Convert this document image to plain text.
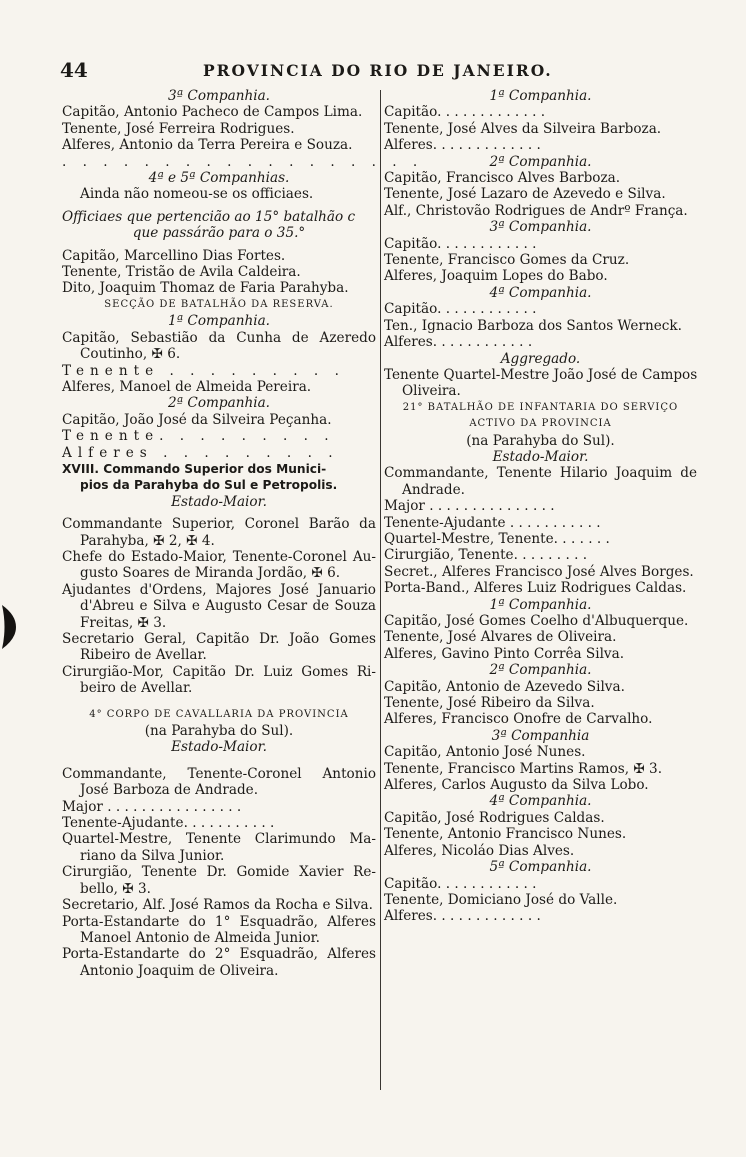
44	PROVINCIA DO RIO DE JANEIRO.
3ª Companhia.
Capitão, Antonio Pacheco de Campos Lima.
Tenente, José Ferreira Rodrigues.
Alferes, Antonio da Terra Pereira e Souza.
. . . . . . . . . . . . . . . . . .
4ª e 5ª Companhias.
Ainda não nomeou-se os officiaes.
Officiaes que pertencião ao 15° batalhão c
que passárão para o 35.°
Capitão, Marcellino Dias Fortes.
Tenente, Tristão de Avila Caldeira.
Dito, Joaquim Thomaz de Faria Parahyba.
SECÇÃO DE BATALHÃO DA RESERVA.
1ª Companhia.
Capitão, Sebastião da Cunha de Azeredo
Coutinho, ✠ 6.
Tenente . . . . . . . . .
Alferes, Manoel de Almeida Pereira.
2ª Companhia.
Capitão, João José da Silveira Peçanha.
Tenente. . . . . . . . .
Alferes . . . . . . . . .
XVIII. Commando Superior dos Munici-
pios da Parahyba do Sul e Petropolis.
Estado-Maior.
Commandante Superior, Coronel Barão da
Parahyba, ✠ 2, ✠ 4.
Chefe do Estado-Maior, Tenente-Coronel Au-
gusto Soares de Miranda Jordão, ✠ 6.
Ajudantes d'Ordens, Majores José Januario
d'Abreu e Silva e Augusto Cesar de Souza
Freitas, ✠ 3.
Secretario Geral, Capitão Dr. João Gomes
Ribeiro de Avellar.
Cirurgião-Mor, Capitão Dr. Luiz Gomes Ri-
beiro de Avellar.
4° CORPO DE CAVALLARIA DA PROVINCIA
(na Parahyba do Sul).
Estado-Maior.
Commandante, Tenente-Coronel Antonio
José Barboza de Andrade.
Major . . . . . . . . . . . . . . . .
Tenente-Ajudante. . . . . . . . . . .
Quartel-Mestre, Tenente Clarimundo Ma-
riano da Silva Junior.
Cirurgião, Tenente Dr. Gomide Xavier Re-
bello, ✠ 3.
Secretario, Alf. José Ramos da Rocha e Silva.
Porta-Estandarte do 1° Esquadrão, Alferes
Manoel Antonio de Almeida Junior.
Porta-Estandarte do 2° Esquadrão, Alferes
Antonio Joaquim de Oliveira.
1ª Companhia.
Capitão. . . . . . . . . . . . .
Tenente, José Alves da Silveira Barboza.
Alferes. . . . . . . . . . . . .
2ª Companhia.
Capitão, Francisco Alves Barboza.
Tenente, José Lazaro de Azevedo e Silva.
Alf., Christovão Rodrigues de Andrº França.
3ª Companhia.
Capitão. . . . . . . . . . . .
Tenente, Francisco Gomes da Cruz.
Alferes, Joaquim Lopes do Babo.
4ª Companhia.
Capitão. . . . . . . . . . . .
Ten., Ignacio Barboza dos Santos Werneck.
Alferes. . . . . . . . . . . .
Aggregado.
Tenente Quartel-Mestre João José de Campos
Oliveira.
21° BATALHÃO DE INFANTARIA DO SERVIÇO
ACTIVO DA PROVINCIA
(na Parahyba do Sul).
Estado-Maior.
Commandante, Tenente Hilario Joaquim de
Andrade.
Major . . . . . . . . . . . . . . .
Tenente-Ajudante . . . . . . . . . . .
Quartel-Mestre, Tenente. . . . . . .
Cirurgião, Tenente. . . . . . . . .
Secret., Alferes Francisco José Alves Borges.
Porta-Band., Alferes Luiz Rodrigues Caldas.
1ª Companhia.
Capitão, José Gomes Coelho d'Albuquerque.
Tenente, José Alvares de Oliveira.
Alferes, Gavino Pinto Corrêa Silva.
2ª Companhia.
Capitão, Antonio de Azevedo Silva.
Tenente, José Ribeiro da Silva.
Alferes, Francisco Onofre de Carvalho.
3ª Companhia
Capitão, Antonio José Nunes.
Tenente, Francisco Martins Ramos, ✠ 3.
Alferes, Carlos Augusto da Silva Lobo.
4ª Companhia.
Capitão, José Rodrigues Caldas.
Tenente, Antonio Francisco Nunes.
Alferes, Nicoláo Dias Alves.
5ª Companhia.
Capitão. . . . . . . . . . . .
Tenente, Domiciano José do Valle.
Alferes. . . . . . . . . . . . .
